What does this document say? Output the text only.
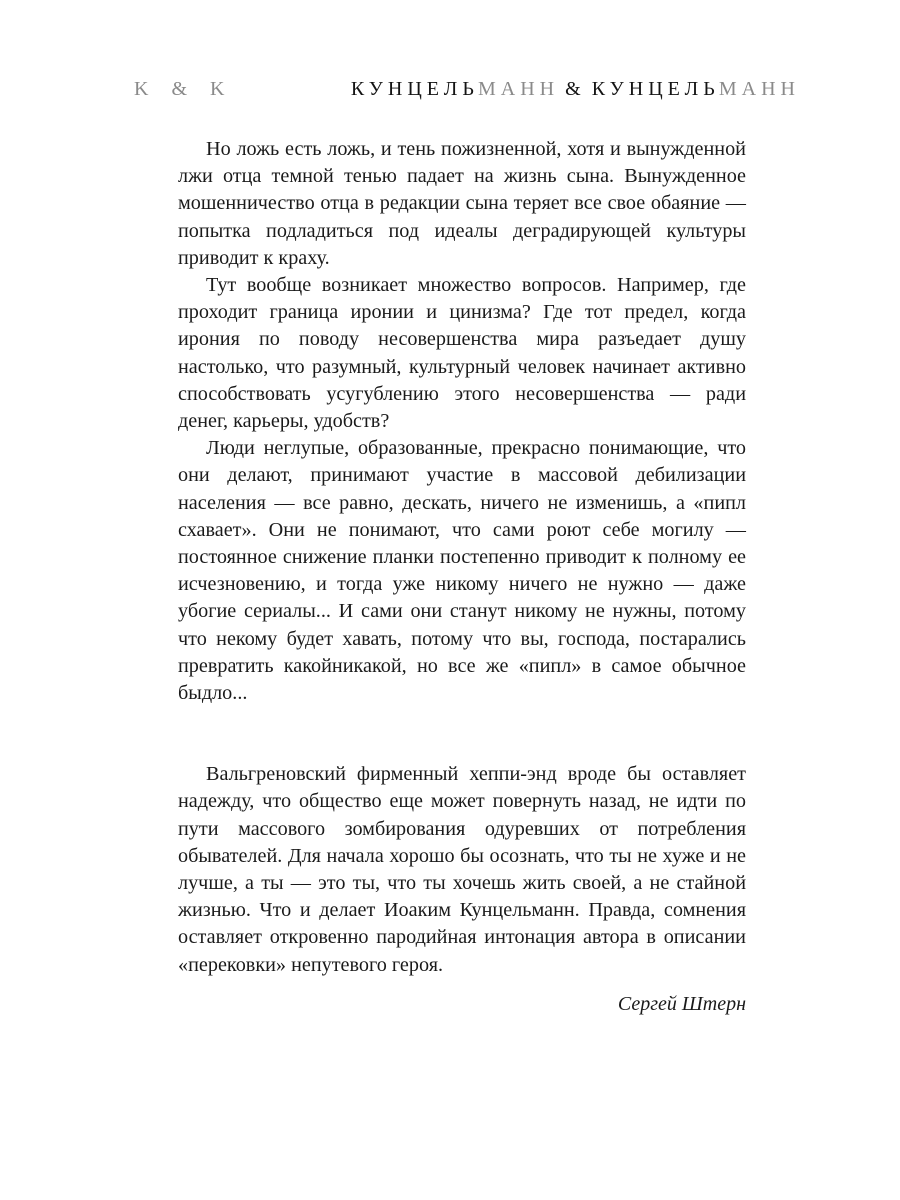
K & K	КУНЦЕЛЬМАНН & КУНЦЕЛЬМАНН

Но ложь есть ложь, и тень пожизненной, хотя и вынужденной лжи отца темной тенью падает на жизнь сына. Вынужденное мошенничество отца в редакции сына теряет все свое обаяние — попытка подладиться под идеалы деградирующей культуры приводит к краху.

Тут вообще возникает множество вопросов. Например, где проходит граница иронии и цинизма? Где тот предел, когда ирония по поводу несовершенства мира разъедает душу настолько, что разумный, культурный человек начинает активно способствовать усугублению этого несовершенства — ради денег, карьеры, удобств?

Люди неглупые, образованные, прекрасно понимающие, что они делают, принимают участие в массовой дебилизации населения — все равно, дескать, ничего не изменишь, а «пипл схавает». Они не понимают, что сами роют себе могилу — постоянное снижение планки постепенно приводит к полному ее исчезновению, и тогда уже никому ничего не нужно — даже убогие сериалы... И сами они станут никому не нужны, потому что некому будет хавать, потому что вы, господа, постарались превратить какойникакой, но все же «пипл» в самое обычное быдло...

Вальгреновский фирменный хеппи-энд вроде бы оставляет надежду, что общество еще может повернуть назад, не идти по пути массового зомбирования одуревших от потребления обывателей. Для начала хорошо бы осознать, что ты не хуже и не лучше, а ты — это ты, что ты хочешь жить своей, а не стайной жизнью. Что и делает Иоаким Кунцельманн. Правда, сомнения оставляет откровенно пародийная интонация автора в описании «перековки» непутевого героя.

Сергей Штерн
